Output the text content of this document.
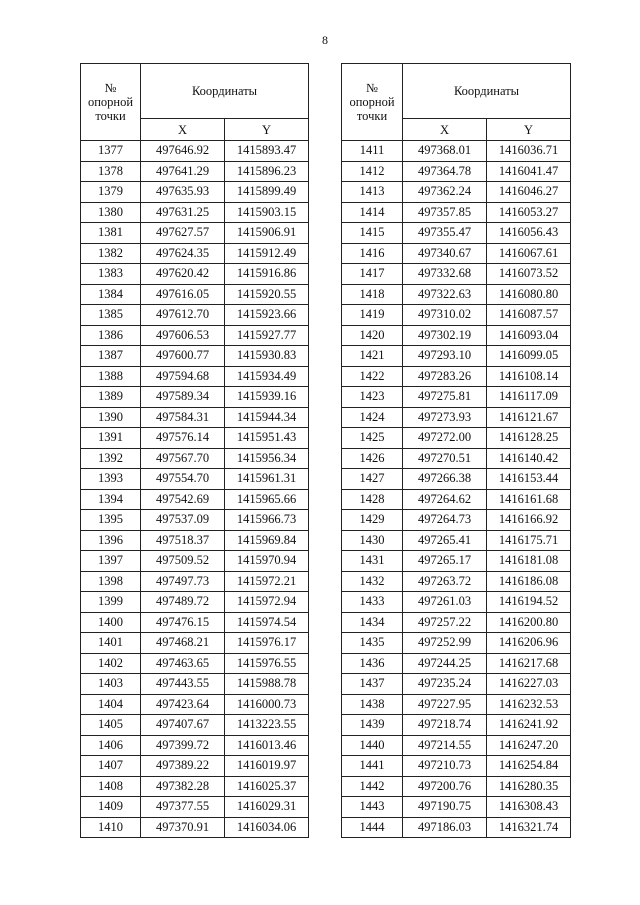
8
№ опорной точки	Координаты	
	X	Y
1377	497646.92	1415893.47
1378	497641.29	1415896.23
1379	497635.93	1415899.49
1380	497631.25	1415903.15
1381	497627.57	1415906.91
1382	497624.35	1415912.49
1383	497620.42	1415916.86
1384	497616.05	1415920.55
1385	497612.70	1415923.66
1386	497606.53	1415927.77
1387	497600.77	1415930.83
1388	497594.68	1415934.49
1389	497589.34	1415939.16
1390	497584.31	1415944.34
1391	497576.14	1415951.43
1392	497567.70	1415956.34
1393	497554.70	1415961.31
1394	497542.69	1415965.66
1395	497537.09	1415966.73
1396	497518.37	1415969.84
1397	497509.52	1415970.94
1398	497497.73	1415972.21
1399	497489.72	1415972.94
1400	497476.15	1415974.54
1401	497468.21	1415976.17
1402	497463.65	1415976.55
1403	497443.55	1415988.78
1404	497423.64	1416000.73
1405	497407.67	1413223.55
1406	497399.72	1416013.46
1407	497389.22	1416019.97
1408	497382.28	1416025.37
1409	497377.55	1416029.31
1410	497370.91	1416034.06
№ опорной точки	Координаты	
	X	Y
1411	497368.01	1416036.71
1412	497364.78	1416041.47
1413	497362.24	1416046.27
1414	497357.85	1416053.27
1415	497355.47	1416056.43
1416	497340.67	1416067.61
1417	497332.68	1416073.52
1418	497322.63	1416080.80
1419	497310.02	1416087.57
1420	497302.19	1416093.04
1421	497293.10	1416099.05
1422	497283.26	1416108.14
1423	497275.81	1416117.09
1424	497273.93	1416121.67
1425	497272.00	1416128.25
1426	497270.51	1416140.42
1427	497266.38	1416153.44
1428	497264.62	1416161.68
1429	497264.73	1416166.92
1430	497265.41	1416175.71
1431	497265.17	1416181.08
1432	497263.72	1416186.08
1433	497261.03	1416194.52
1434	497257.22	1416200.80
1435	497252.99	1416206.96
1436	497244.25	1416217.68
1437	497235.24	1416227.03
1438	497227.95	1416232.53
1439	497218.74	1416241.92
1440	497214.55	1416247.20
1441	497210.73	1416254.84
1442	497200.76	1416280.35
1443	497190.75	1416308.43
1444	497186.03	1416321.74
